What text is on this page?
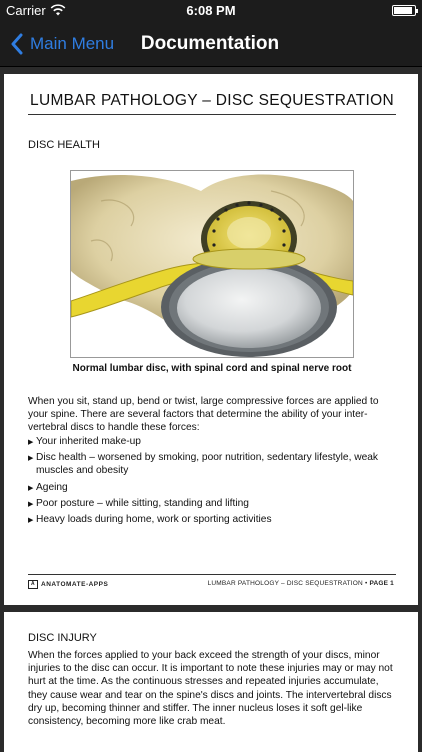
Carrier	6:08 PM
Main Menu	Documentation
LUMBAR PATHOLOGY – DISC SEQUESTRATION
DISC HEALTH
Normal lumbar disc, with spinal cord and spinal nerve root

When you sit, stand up, bend or twist, large compressive forces are applied to your spine. There are several factors that determine the ability of your inter-vertebral discs to handle these forces:

▶ Your inherited make-up
▶ Disc health – worsened by smoking, poor nutrition, sedentary lifestyle, weak muscles and obesity
▶ Ageing
▶ Poor posture – while sitting, standing and lifting
▶ Heavy loads during home, work or sporting activities
A ANATOMATE-APPS	LUMBAR PATHOLOGY – DISC SEQUESTRATION • PAGE 1
DISC INJURY

When the forces applied to your back exceed the strength of your discs, minor injuries to the disc can occur. It is important to note these injuries may or may not hurt at the time. As the continuous stresses and repeated injuries accumulate, they cause wear and tear on the spine's discs and joints. The intervertebral discs dry up, becoming thinner and stiffer. The inner nucleus loses it soft gel-like consistency, becoming more like crab meat.
